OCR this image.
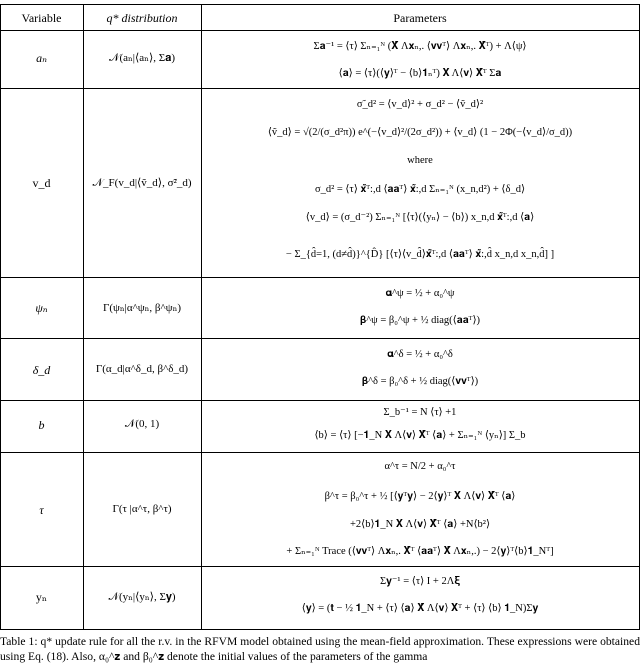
Variable	q* distribution	Parameters
aₙ	𝒩(aₙ|⟨aₙ⟩, Σ𝐚)
Σ𝐚⁻¹ = ⟨τ⟩ Σₙ₌₁ᴺ (𝐗̃ Λ𝐱ₙ,. ⟨𝐯𝐯ᵀ⟩ Λ𝐱ₙ,. 𝐗̃ᵀ) + Λ⟨ψ⟩
⟨𝐚⟩ = ⟨τ⟩(⟨𝐲⟩ᵀ − ⟨b⟩𝟏ₙᵀ) 𝐗 Λ⟨𝐯⟩ 𝐗̃ᵀ Σ𝐚
v_d	𝒩_F(v_d|⟨ṽ_d⟩, σ̃²_d)
σ̃_d² = ⟨v_d⟩² + σ_d² − ⟨ṽ_d⟩²
⟨ṽ_d⟩ = √(2/(σ_d²π)) e^(−⟨v_d⟩²/(2σ_d²)) + ⟨v_d⟩ (1 − 2Φ(−⟨v_d⟩/σ_d))
where
σ_d² = ⟨τ⟩ 𝐱̃ᵀ:,d ⟨𝐚𝐚ᵀ⟩ 𝐱̃:,d Σₙ₌₁ᴺ (x_n,d²) + ⟨δ_d⟩
⟨v_d⟩ = (σ_d⁻²) Σₙ₌₁ᴺ [⟨τ⟩(⟨yₙ⟩ − ⟨b⟩) x_n,d 𝐱̃ᵀ:,d ⟨𝐚⟩
− Σ_{d̂=1, (d≠d̂)}^{D̂} [⟨τ⟩⟨v_d̂⟩𝐱̃ᵀ:,d ⟨𝐚𝐚ᵀ⟩ 𝐱̃:,d̂ x_n,d x_n,d̂] ]
ψₙ	Γ(ψₙ|α^ψₙ, β^ψₙ)
𝛂^ψ = ½ + α₀^ψ
𝛃^ψ = β₀^ψ + ½ diag(⟨𝐚𝐚ᵀ⟩)
δ_d	Γ(α_d|α^δ_d, β^δ_d)
𝛂^δ = ½ + α₀^δ
𝛃^δ = β₀^δ + ½ diag(⟨𝐯𝐯ᵀ⟩)
b	𝒩(0, 1)
Σ_b⁻¹ = N ⟨τ⟩ +1
⟨b⟩ = ⟨τ⟩ [−𝟏_N 𝐗 Λ⟨𝐯⟩ 𝐗̃ᵀ ⟨𝐚⟩ + Σₙ₌₁ᴺ ⟨yₙ⟩] Σ_b
τ	Γ(τ |α^τ, β^τ)
α^τ = N/2 + α₀^τ
β^τ = β₀^τ + ½ [⟨𝐲ᵀ𝐲⟩ − 2⟨𝐲⟩ᵀ 𝐗 Λ⟨𝐯⟩ 𝐗̃ᵀ ⟨𝐚⟩
+2⟨b⟩𝟏_N 𝐗 Λ⟨𝐯⟩ 𝐗̃ᵀ ⟨𝐚⟩ +N⟨b²⟩
+ Σₙ₌₁ᴺ Trace (⟨𝐯𝐯ᵀ⟩ Λ𝐱ₙ,. 𝐗̃ᵀ ⟨𝐚𝐚ᵀ⟩ 𝐗̃ Λ𝐱ₙ,.) − 2⟨𝐲⟩ᵀ⟨b⟩𝟏_Nᵀ]
yₙ	𝒩(yₙ|⟨yₙ⟩, Σ𝐲)
Σ𝐲⁻¹ = ⟨τ⟩ I + 2Λ𝛏
⟨𝐲⟩ = (𝐭 − ½ 𝟏_N + ⟨τ⟩ ⟨𝐚⟩ 𝐗̃ Λ⟨𝐯⟩ 𝐗ᵀ + ⟨τ⟩ ⟨b⟩ 𝟏_N)Σ𝐲
Table 1: q* update rule for all the r.v. in the RFVM model obtained using the mean-field approximation. These expressions were obtained using Eq. (18). Also, α₀^𝐳 and β₀^𝐳 denote the initial values of the parameters of the gamma
